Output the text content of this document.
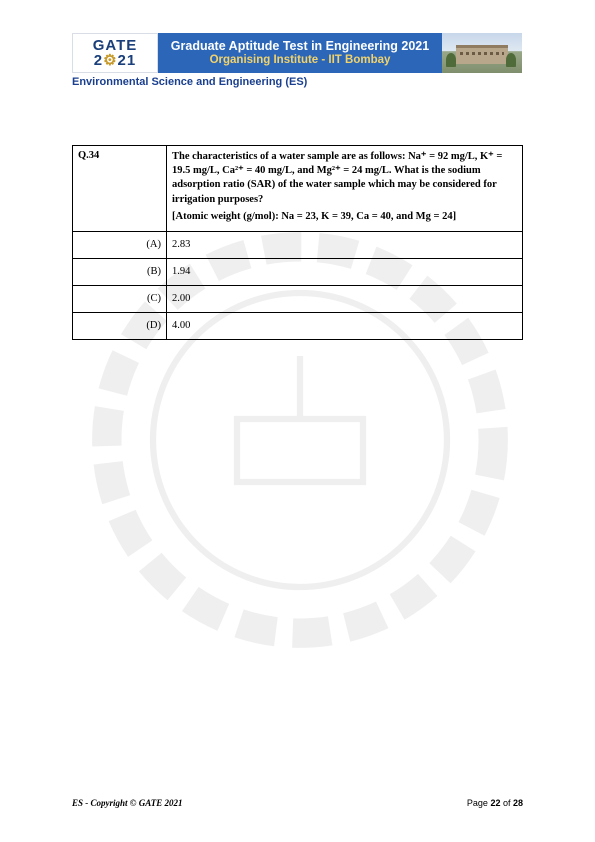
GATE
2⚙21
Graduate Aptitude Test in Engineering 2021
Organising Institute - IIT Bombay
Environmental Science and Engineering (ES)
Q.34	The characteristics of a water sample are as follows: Na⁺ = 92 mg/L, K⁺ = 19.5 mg/L, Ca²⁺ = 40 mg/L, and Mg²⁺ = 24 mg/L. What is the sodium adsorption ratio (SAR) of the water sample which may be considered for irrigation purposes?

[Atomic weight (g/mol): Na = 23, K = 39, Ca = 40, and Mg = 24]

(A)	2.83
(B)	1.94
(C)	2.00
(D)	4.00
ES - Copyright © GATE 2021	Page 22 of 28
